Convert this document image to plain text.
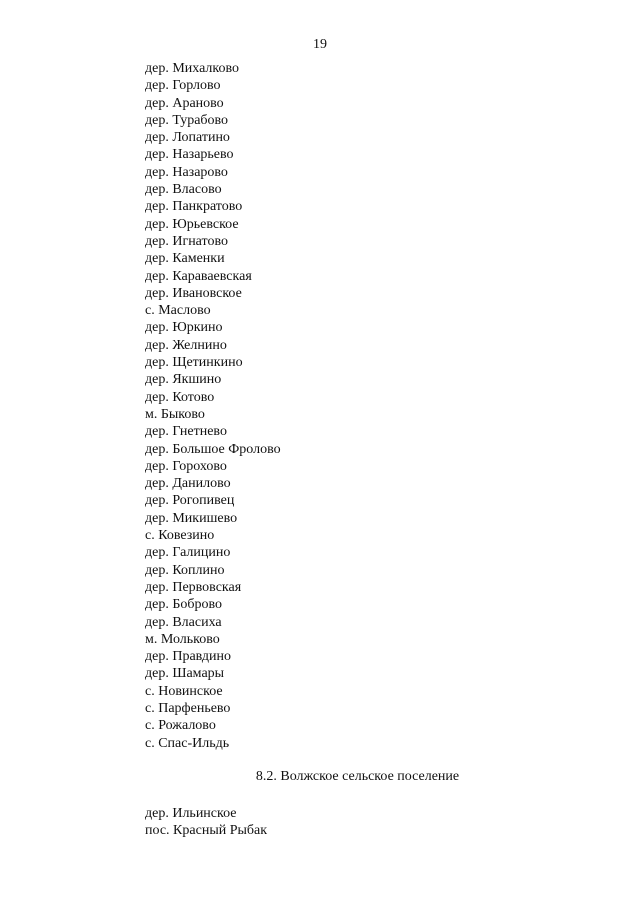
19

дер. Михалково
дер. Горлово
дер. Араново
дер. Турабово
дер. Лопатино
дер. Назарьево
дер. Назарово
дер. Власово
дер. Панкратово
дер. Юрьевское
дер. Игнатово
дер. Каменки
дер. Караваевская
дер. Ивановское
с. Маслово
дер. Юркино
дер. Желнино
дер. Щетинкино
дер. Якшино
дер. Котово
м. Быково
дер. Гнетнево
дер. Большое Фролово
дер. Горохово
дер. Данилово
дер. Рогопивец
дер. Микишево
с. Ковезино
дер. Галицино
дер. Коплино
дер. Первовская
дер. Боброво
дер. Власиха
м. Мольково
дер. Правдино
дер. Шамары
с. Новинское
с. Парфеньево
с. Рожалово
с. Спас-Ильдь

8.2. Волжское сельское поселение

дер. Ильинское
пос. Красный Рыбак
